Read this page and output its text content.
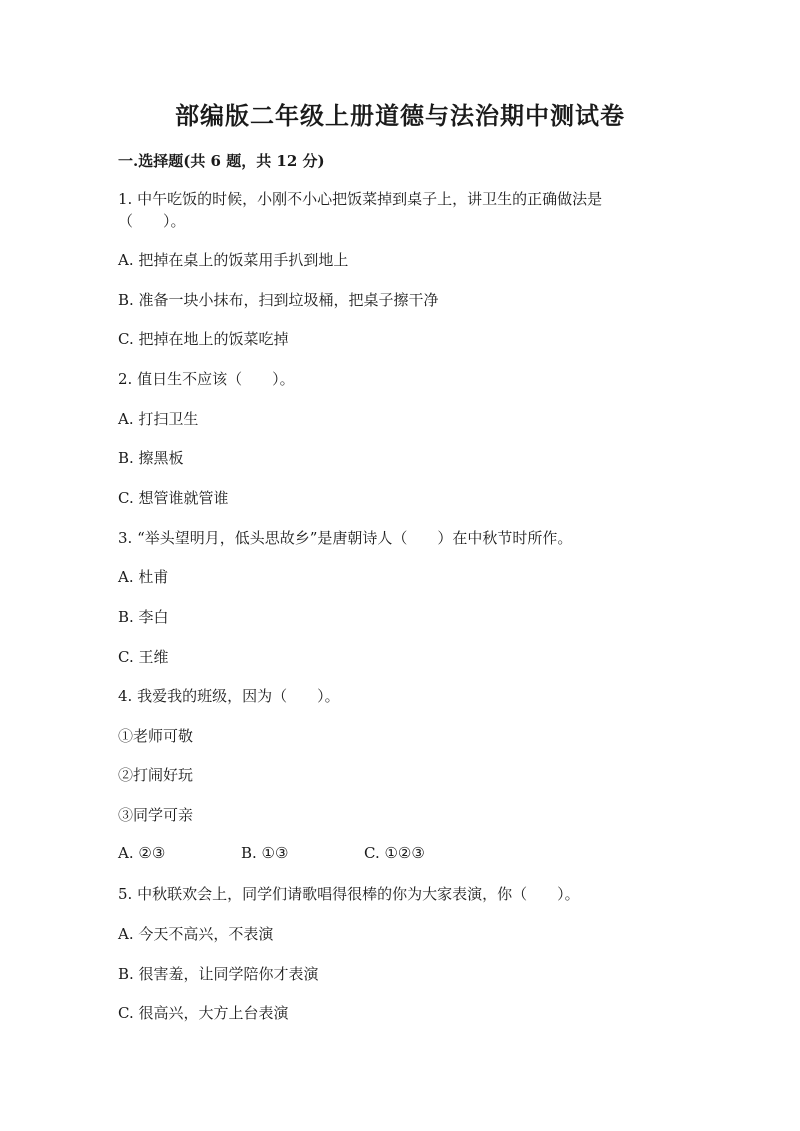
部编版二年级上册道德与法治期中测试卷
一.选择题(共 6 题，共 12 分)
1. 中午吃饭的时候，小刚不小心把饭菜掉到桌子上，讲卫生的正确做法是
（　　）。
A. 把掉在桌上的饭菜用手扒到地上
B. 准备一块小抹布，扫到垃圾桶，把桌子擦干净
C. 把掉在地上的饭菜吃掉
2. 值日生不应该（　　）。
A. 打扫卫生
B. 擦黑板
C. 想管谁就管谁
3. “举头望明月，低头思故乡”是唐朝诗人（　　）在中秋节时所作。
A. 杜甫
B. 李白
C. 王维
4. 我爱我的班级，因为（　　）。
①老师可敬
②打闹好玩
③同学可亲
A. ②③	B. ①③	C. ①②③
5. 中秋联欢会上，同学们请歌唱得很棒的你为大家表演，你（　　）。
A. 今天不高兴，不表演
B. 很害羞，让同学陪你才表演
C. 很高兴，大方上台表演
